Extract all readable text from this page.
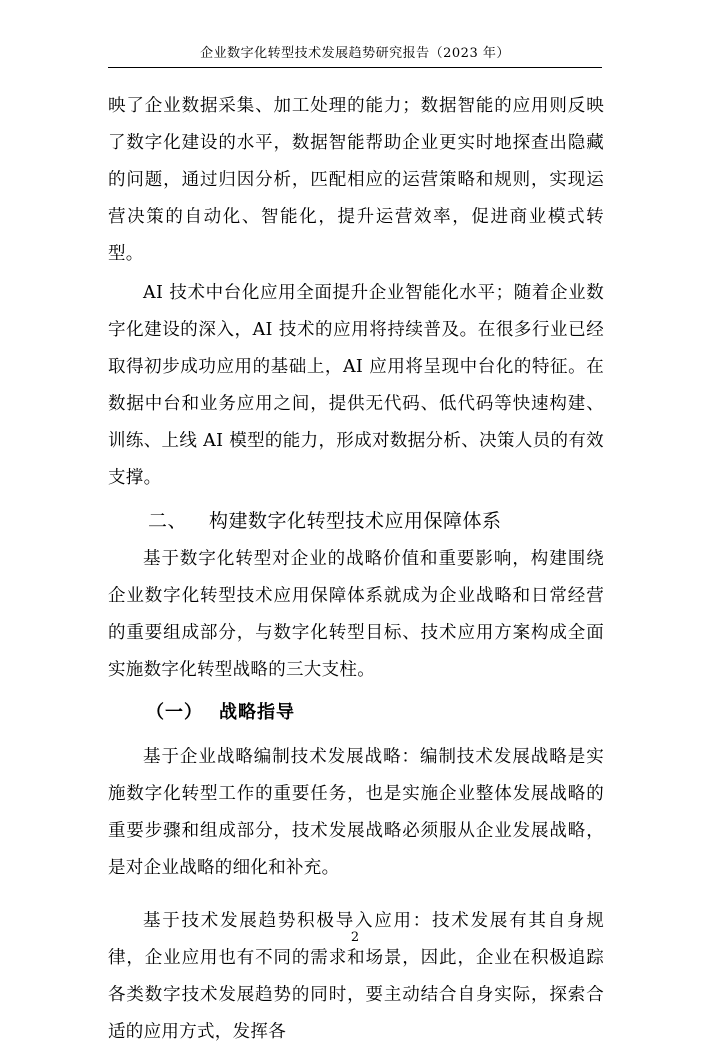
企业数字化转型技术发展趋势研究报告（2023 年）

映了企业数据采集、加工处理的能力；数据智能的应用则反映了数字化建设的水平，数据智能帮助企业更实时地探查出隐藏的问题，通过归因分析，匹配相应的运营策略和规则，实现运营决策的自动化、智能化，提升运营效率，促进商业模式转型。

AI 技术中台化应用全面提升企业智能化水平；随着企业数字化建设的深入，AI 技术的应用将持续普及。在很多行业已经取得初步成功应用的基础上，AI 应用将呈现中台化的特征。在数据中台和业务应用之间，提供无代码、低代码等快速构建、训练、上线 AI 模型的能力，形成对数据分析、决策人员的有效支撑。

二、 构建数字化转型技术应用保障体系

基于数字化转型对企业的战略价值和重要影响，构建围绕企业数字化转型技术应用保障体系就成为企业战略和日常经营的重要组成部分，与数字化转型目标、技术应用方案构成全面实施数字化转型战略的三大支柱。

（一） 战略指导

基于企业战略编制技术发展战略：编制技术发展战略是实施数字化转型工作的重要任务，也是实施企业整体发展战略的重要步骤和组成部分，技术发展战略必须服从企业发展战略，是对企业战略的细化和补充。

基于技术发展趋势积极导入应用：技术发展有其自身规律，企业应用也有不同的需求和场景，因此，企业在积极追踪各类数字技术发展趋势的同时，要主动结合自身实际，探索合适的应用方式，发挥各

2
